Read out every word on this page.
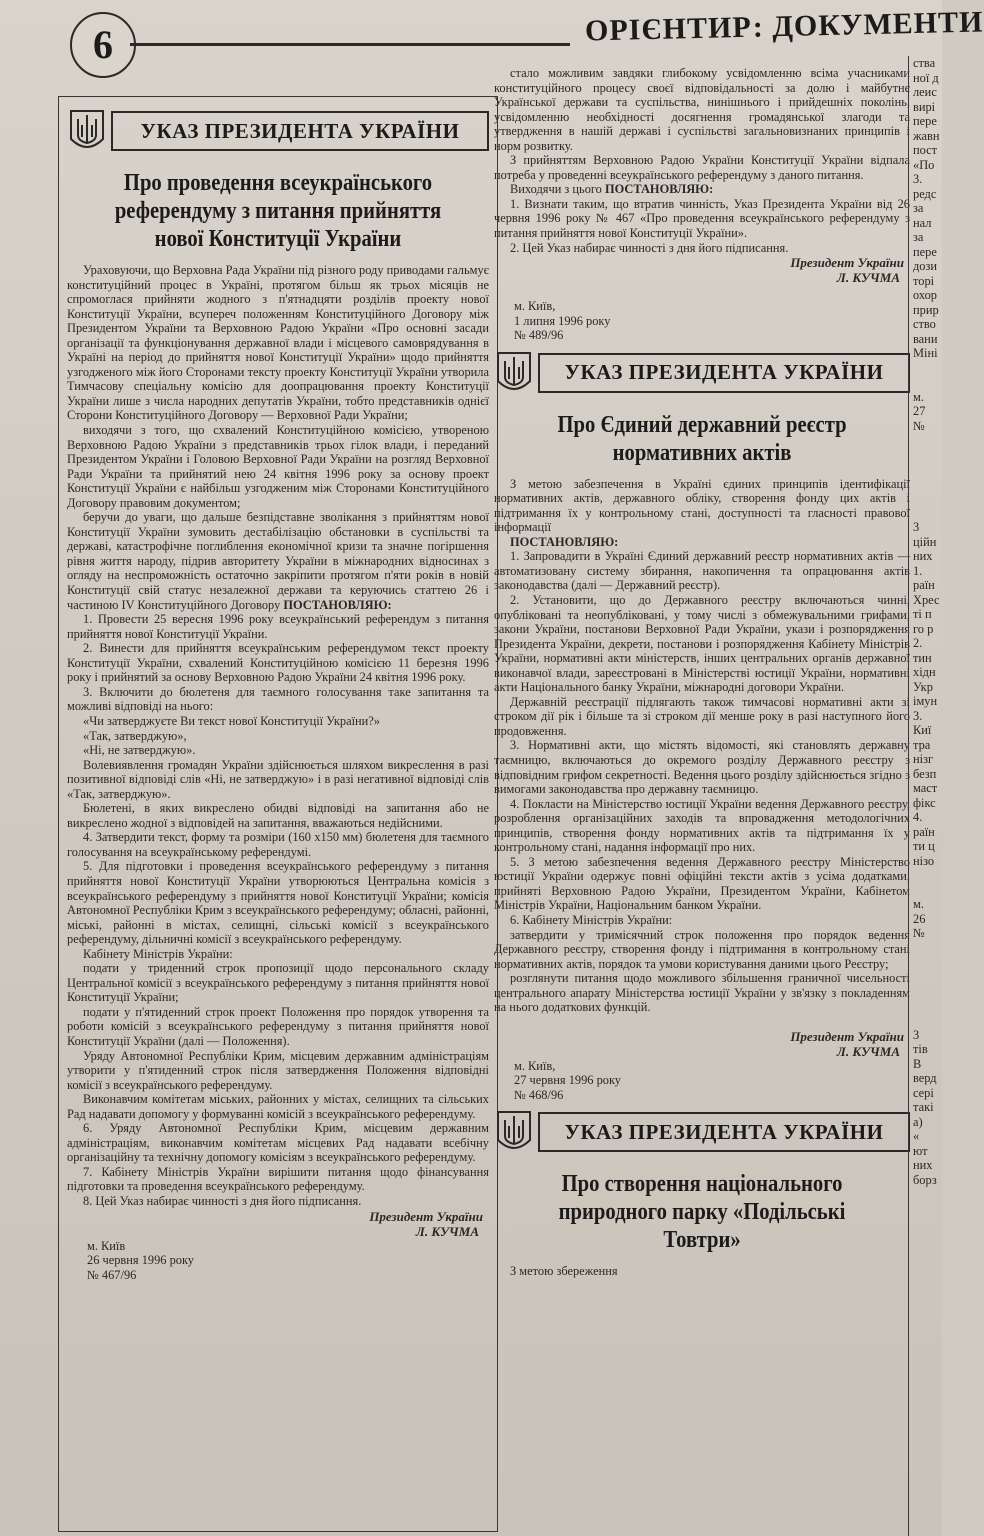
6	ОРІЄНТИР: ДОКУМЕНТИ
УКАЗ ПРЕЗИДЕНТА УКРАЇНИ
Про проведення всеукраїнського референдуму з питання прийняття нової Конституції України

Ураховуючи, що Верховна Рада України під різного роду приводами гальмує конституційний процес в Україні, протягом більш як трьох місяців не спромоглася прийняти жодного з п'ятнадцяти розділів проекту нової Конституції України, всупереч положенням Конституційного Договору між Президентом України та Верховною Радою України «Про основні засади організації та функціонування державної влади і місцевого самоврядування в Україні на період до прийняття нової Конституції України» щодо прийняття узгодженого між його Сторонами тексту проекту Конституції України утворила Тимчасову спеціальну комісію для доопрацювання проекту Конституції України лише з числа народних депутатів України, тобто представників однієї Сторони Конституційного Договору — Верховної Ради України;

виходячи з того, що схвалений Конституційною комісією, утвореною Верховною Радою України з представників трьох гілок влади, і переданий Президентом України і Головою Верховної Ради України на розгляд Верховної Ради України та прийнятий нею 24 квітня 1996 року за основу проект Конституції України є найбільш узгодженим між Сторонами Конституційного Договору правовим документом;

беручи до уваги, що дальше безпідставне зволікання з прийняттям нової Конституції України зумовить дестабілізацію обстановки в суспільстві та державі, катастрофічне поглиблення економічної кризи та значне погіршення рівня життя народу, підрив авторитету України в міжнародних відносинах з огляду на неспроможність остаточно закріпити протягом п'яти років в новій Конституції свій статус незалежної держави та керуючись статтею 26 і частиною IV Конституційного Договору ПОСТАНОВЛЯЮ:

1. Провести 25 вересня 1996 року всеукраїнський референдум з питання прийняття нової Конституції України.

2. Винести для прийняття всеукраїнським референдумом текст проекту Конституції України, схвалений Конституційною комісією 11 березня 1996 року і прийнятий за основу Верховною Радою України 24 квітня 1996 року.

3. Включити до бюлетеня для таємного голосування таке запитання та можливі відповіді на нього:

«Чи затверджуєте Ви текст нової Конституції України?»

«Так, затверджую»,

«Ні, не затверджую».

Волевиявлення громадян України здійснюється шляхом викреслення в разі позитивної відповіді слів «Ні, не затверджую» і в разі негативної відповіді слів «Так, затверджую».

Бюлетені, в яких викреслено обидві відповіді на запитання або не викреслено жодної з відповідей на запитання, вважаються недійсними.

4. Затвердити текст, форму та розміри (160 х150 мм) бюлетеня для таємного голосування на всеукраїнському референдумі.

5. Для підготовки і проведення всеукраїнського референдуму з питання прийняття нової Конституції України утворюються Центральна комісія з всеукраїнського референдуму з прийняття нової Конституції України; комісія Автономної Республіки Крим з всеукраїнського референдуму; обласні, районні, міські, районні в містах, селищні, сільські комісії з всеукраїнського референдуму, дільничні комісії з всеукраїнського референдуму.

Кабінету Міністрів України:

подати у триденний строк пропозиції щодо персонального складу Центральної комісії з всеукраїнського референдуму з питання прийняття нової Конституції України;

подати у п'ятиденний строк проект Положення про порядок утворення та роботи комісій з всеукраїнського референдуму з питання прийняття нової Конституції України (далі — Положення).

Уряду Автономної Республіки Крим, місцевим державним адміністраціям утворити у п'ятиденний строк після затвердження Положення відповідні комісії з всеукраїнського референдуму.

Виконавчим комітетам міських, районних у містах, селищних та сільських Рад надавати допомогу у формуванні комісій з всеукраїнського референдуму.

6. Уряду Автономної Республіки Крим, місцевим державним адміністраціям, виконавчим комітетам місцевих Рад надавати всебічну організаційну та технічну допомогу комісіям з всеукраїнського референдуму.

7. Кабінету Міністрів України вирішити питання щодо фінансування підготовки та проведення всеукраїнського референдуму.

8. Цей Указ набирає чинності з дня його підписання.

Президент України
Л. КУЧМА
м. Київ
26 червня 1996 року
№ 467/96

стало можливим завдяки глибокому усвідомленню всіма учасниками конституційного процесу своєї відповідальності за долю і майбутнє Української держави та суспільства, нинішнього і прийдешніх поколінь, усвідомленню необхідності досягнення громадянської злагоди та утвердження в нашій державі і суспільстві загальновизнаних принципів і норм розвитку.

З прийняттям Верховною Радою України Конституції України відпала потреба у проведенні всеукраїнського референдуму з даного питання.

Виходячи з цього ПОСТАНОВЛЯЮ:

1. Визнати таким, що втратив чинність, Указ Президента України від 26 червня 1996 року № 467 «Про проведення всеукраїнського референдуму з питання прийняття нової Конституції України».

2. Цей Указ набирає чинності з дня його підписання.

Президент України
Л. КУЧМА
м. Київ,
1 липня 1996 року
№ 489/96
УКАЗ ПРЕЗИДЕНТА УКРАЇНИ
Про Єдиний державний реєстр нормативних актів

З метою забезпечення в Україні єдиних принципів ідентифікації нормативних актів, державного обліку, створення фонду цих актів і підтримання їх у контрольному стані, доступності та гласності правової інформації

ПОСТАНОВЛЯЮ:

1. Запровадити в Україні Єдиний державний реєстр нормативних актів — автоматизовану систему збирання, накопичення та опрацювання актів законодавства (далі — Державний реєстр).

2. Установити, що до Державного реєстру включаються чинні, опубліковані та неопубліковані, у тому числі з обмежувальними грифами, закони України, постанови Верховної Ради України, укази і розпорядження Президента України, декрети, постанови і розпорядження Кабінету Міністрів України, нормативні акти міністерств, інших центральних органів державної виконавчої влади, зареєстровані в Міністерстві юстиції України, нормативні акти Національного банку України, міжнародні договори України.

Державній реєстрації підлягають також тимчасові нормативні акти зі строком дії рік і більше та зі строком дії менше року в разі наступного його продовження.

3. Нормативні акти, що містять відомості, які становлять державну таємницю, включаються до окремого розділу Державного реєстру з відповідним грифом секретності. Ведення цього розділу здійснюється згідно з вимогами законодавства про державну таємницю.

4. Покласти на Міністерство юстиції України ведення Державного реєстру, розроблення організаційних заходів та впровадження методологічних принципів, створення фонду нормативних актів та підтримання їх у контрольному стані, надання інформації про них.

5. З метою забезпечення ведення Державного реєстру Міністерство юстиції України одержує повні офіційні тексти актів з усіма додатками, прийняті Верховною Радою України, Президентом України, Кабінетом Міністрів України, Національним банком України.

6. Кабінету Міністрів України:

затвердити у тримісячний строк положення про порядок ведення Державного реєстру, створення фонду і підтримання в контрольному стані нормативних актів, порядок та умови користування даними цього Реєстру;

розглянути питання щодо можливого збільшення граничної чисельності центрального апарату Міністерства юстиції України у зв'язку з покладенням на нього додаткових функцій.

Президент України
Л. КУЧМА
м. Київ,
27 червня 1996 року
№ 468/96
УКАЗ ПРЕЗИДЕНТА УКРАЇНИ
Про створення національного природного парку «Подільські Товтри»

З метою збереження

ства
ної д
леис
вирі
пере
жавн
пост
«По
3.
редс
за
нал
за
пере
дози
торі
охор
прир
ство
вани
Міні

м.
27
№

3
ційн
них
1.
раїн
Хрес
ті п
го р
2.
тин
хідн
Укр
імун
3.
Киї
тра
нізг
безп
маст
фікс
4.
раїн
ти ц
нізо

м.
26
№

3
тів
В
верд
сері
такі
а)
«
ют
них
борз
